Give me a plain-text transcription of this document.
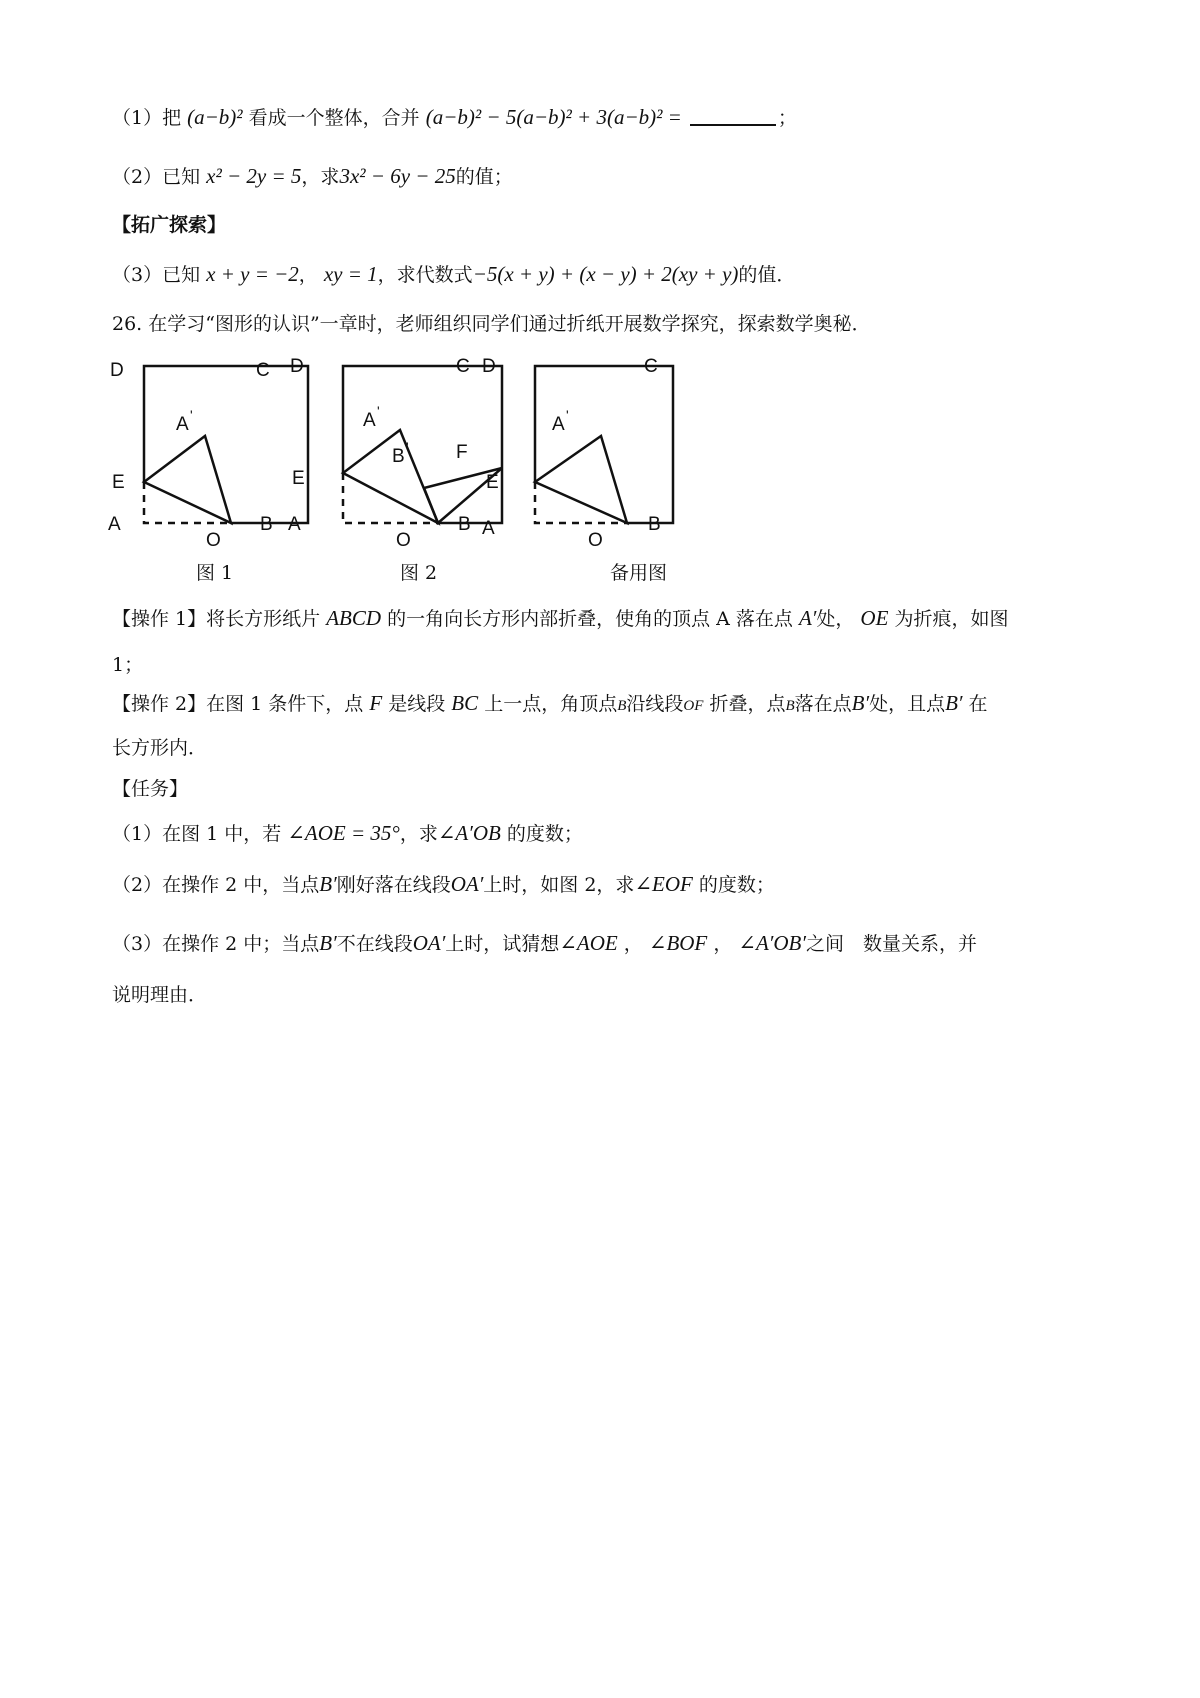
（1）把 (a−b)² 看成一个整体，合并 (a−b)² − 5(a−b)² + 3(a−b)² =	；
（2）已知 x² − 2y = 5，求3x² − 6y − 25的值；
【拓广探索】
（3）已知 x + y = −2， xy = 1，求代数式−5(x + y) + (x − y) + 2(xy + y)的值．
26. 在学习“图形的认识”一章时，老师组织同学们通过折纸开展数学探究，探索数学奥秘．
D	C
A '
E
A
O
B
D	C
A '
B ' F
E
A
O
B
D	C
A '
E
A
O
B
图 1	图 2	备用图
【操作 1】将长方形纸片 ABCD 的一角向长方形内部折叠，使角的顶点 A 落在点 A′处， OE 为折痕，如图
1；
【操作 2】在图 1 条件下，点 F 是线段 BC 上一点，角顶点B沿线段OF 折叠，点B落在点B′处，且点B′ 在
长方形内．
【任务】
（1）在图 1 中，若 ∠AOE = 35°，求∠A′OB 的度数；
（2）在操作 2 中，当点B′刚好落在线段OA′上时，如图 2，求∠EOF 的度数；
（3）在操作 2 中；当点B′不在线段OA′上时，试猜想∠AOE ， ∠BOF ， ∠A′OB′之间　数量关系，并
说明理由．
